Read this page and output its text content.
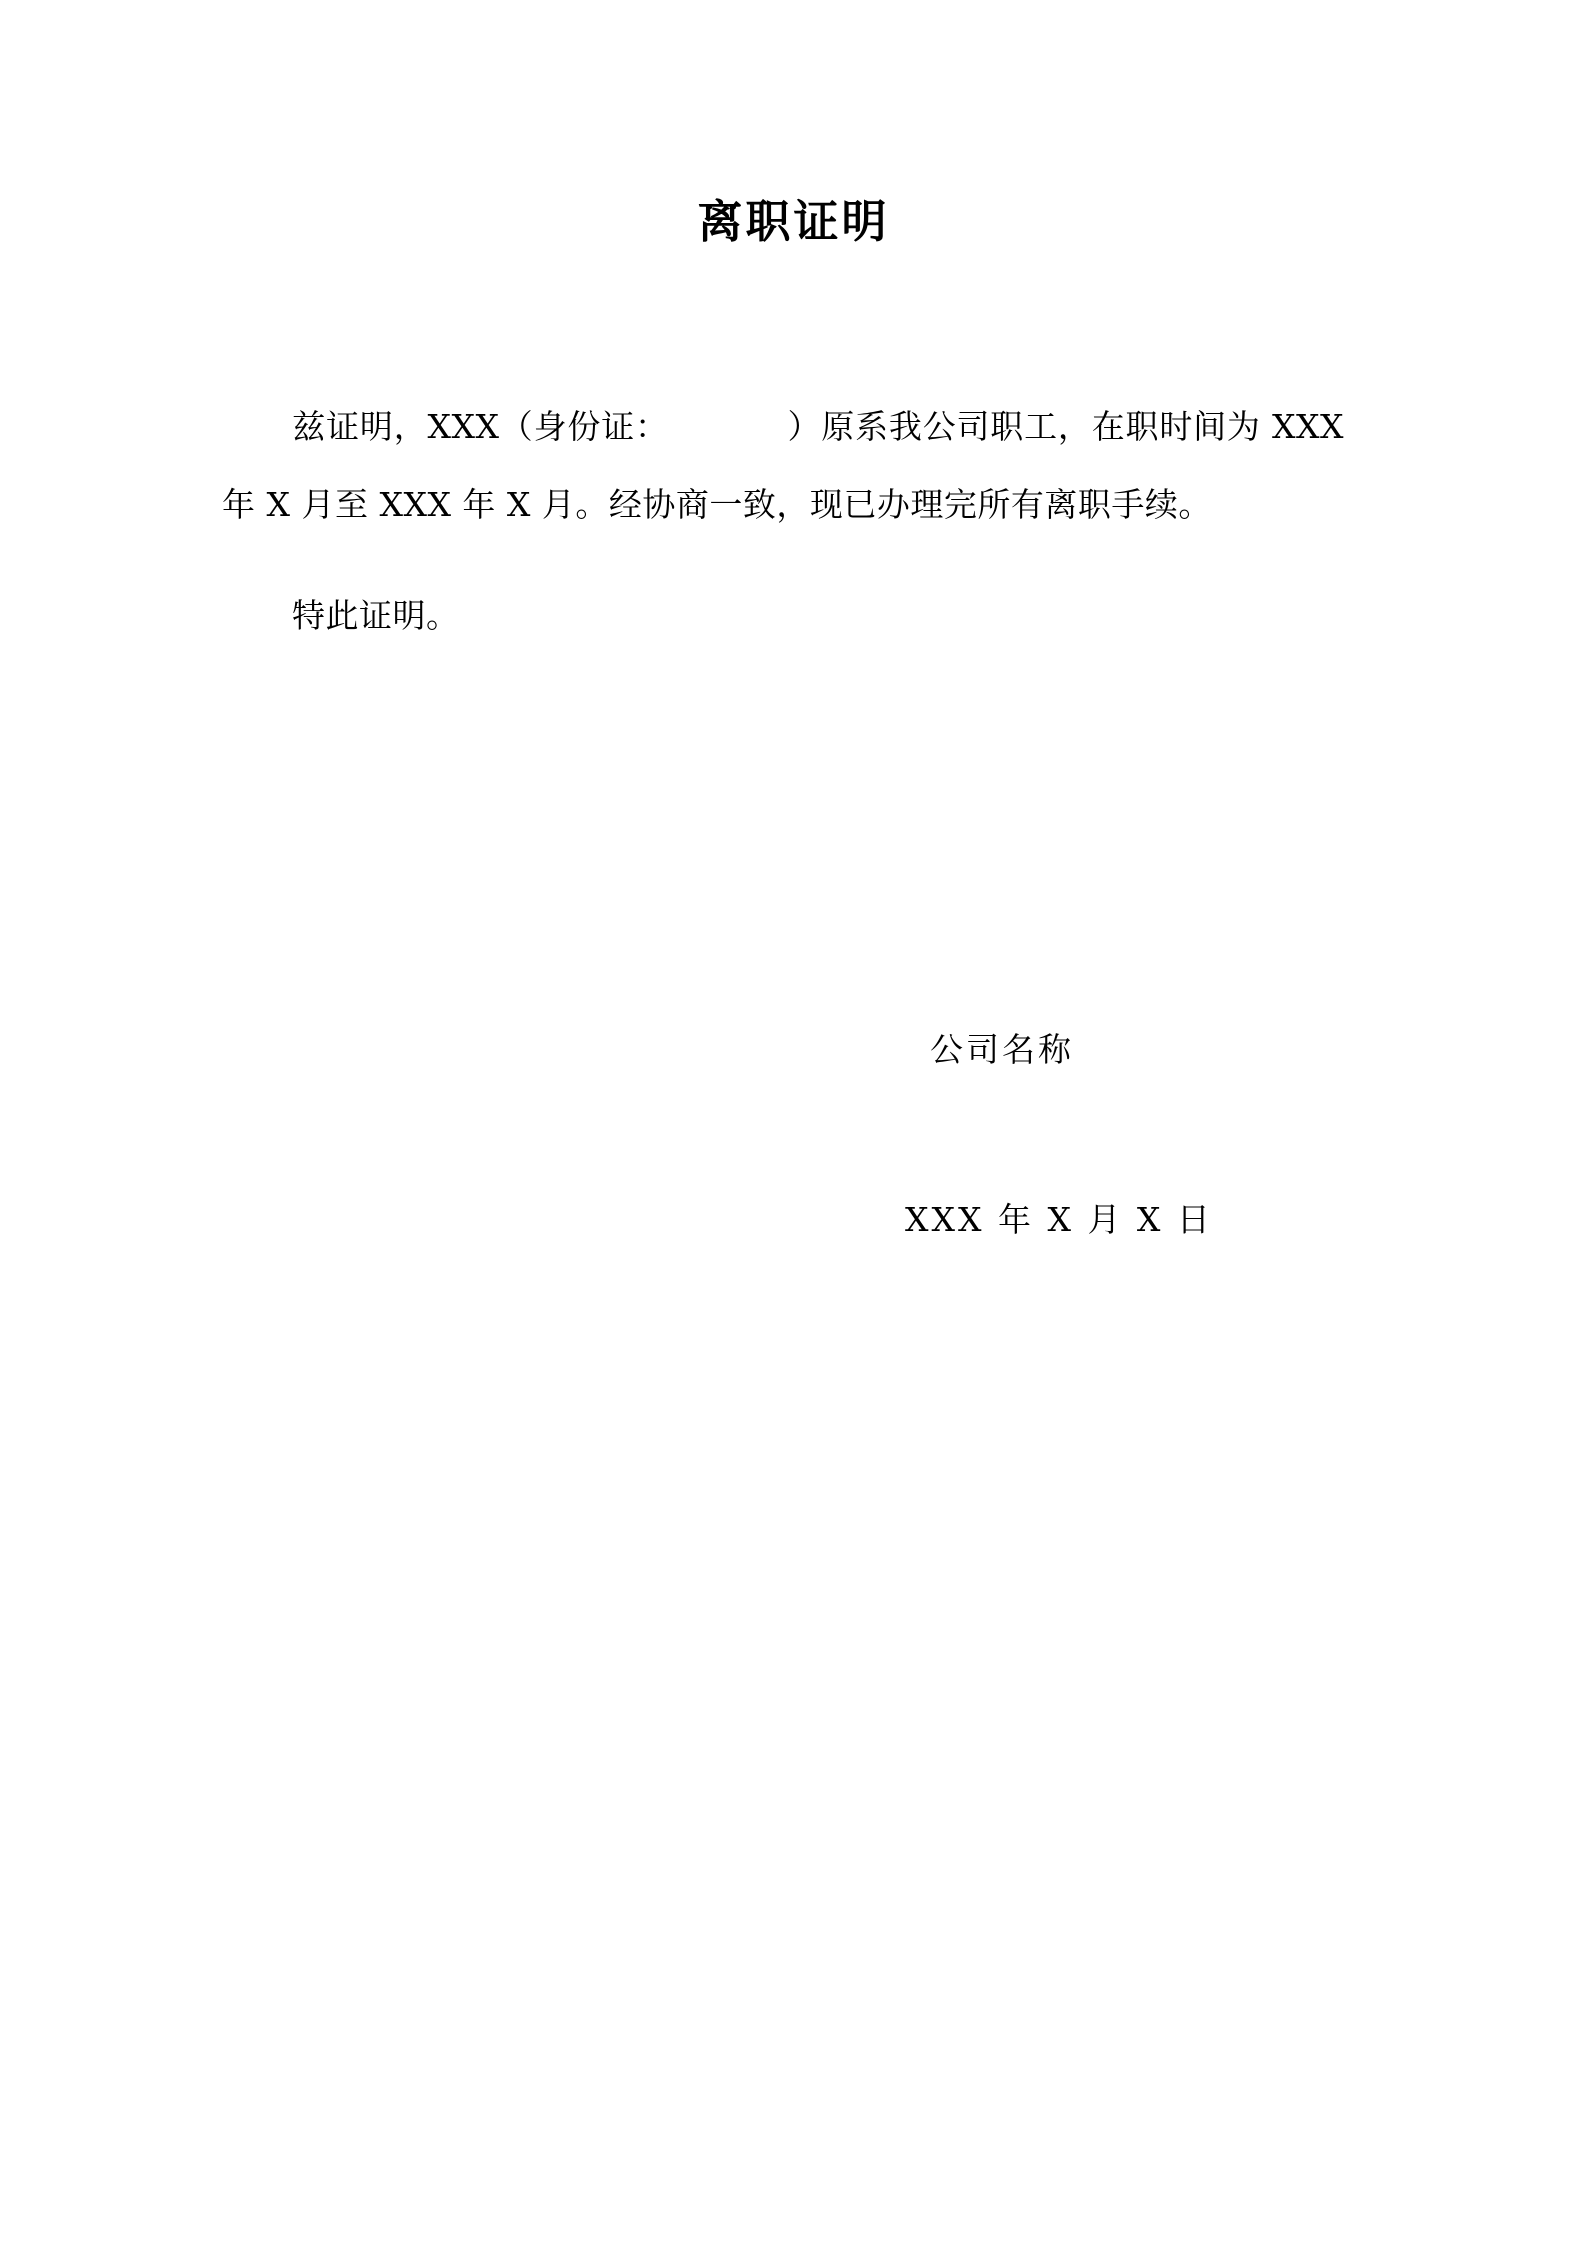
离职证明

兹证明，XXX（身份证：　　　　）原系我公司职工，在职时间为 XXX 年 X 月至 XXX 年 X 月。经协商一致，现已办理完所有离职手续。

特此证明。

公司名称
XXX 年 X 月 X 日
